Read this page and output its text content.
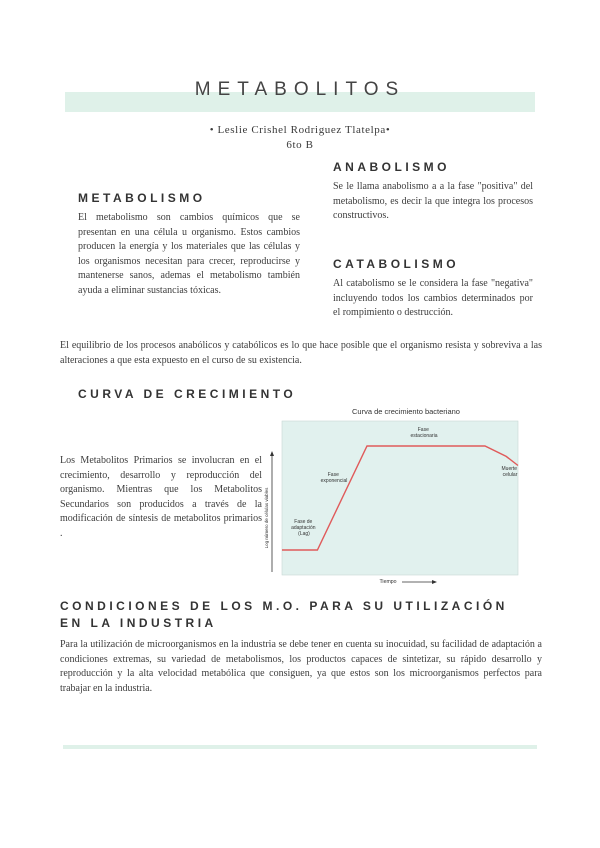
METABOLITOS
• Leslie Crishel Rodriguez Tlatelpa•
6to B
METABOLISMO

El metabolismo son cambios químicos que se presentan en una célula u organismo. Estos cambios producen la energía y los materiales que las células y los organismos necesitan para crecer, reproducirse y mantenerse sanos, ademas el metabolismo también ayuda a eliminar sustancias tóxicas.

ANABOLISMO

Se le llama anabolismo a a la fase "positiva" del metabolismo, es decir la que integra los procesos constructivos.

CATABOLISMO

Al catabolismo se le considera la fase "negativa" incluyendo todos los cambios determinados por el rompimiento o destrucción.

El equilibrio de los procesos anabólicos y catabólicos es lo que hace posible que el organismo resista y sobreviva a las alteraciones a que esta expuesto en el curso de su existencia.

CURVA DE CRECIMIENTO

Los Metabolitos Primarios se involucran en el crecimiento, desarrollo y reproducción del organismo. Mientras que los Metabolitos Secundarios son producidos a través de la modificación de síntesis de metabolitos primarios .

Curva de crecimiento bacteriano
Log número de células viables
Tiempo
Fase de adaptación (Lag)
Fase exponencial
Fase estacionaria
Muerte celular
CONDICIONES DE LOS M.O. PARA SU UTILIZACIÓN
EN LA INDUSTRIA

Para la utilización de microorganismos en la industria se debe tener en cuenta su inocuidad, su facilidad de adaptación a condiciones extremas, su variedad de metabolismos, los productos capaces de sintetizar, su rápido desarrollo y reproducción y la alta velocidad metabólica que consiguen, ya que estos son los microorganismos perfectos para trabajar en la industria.
